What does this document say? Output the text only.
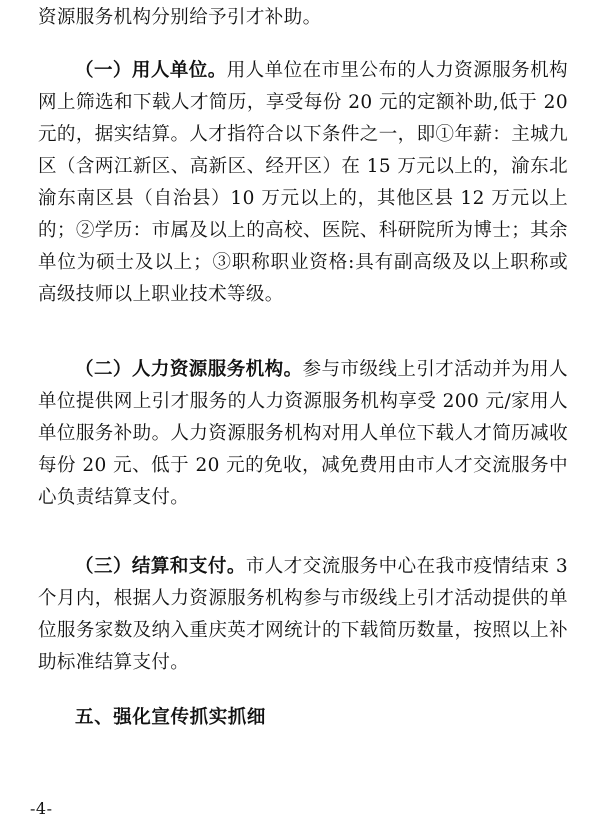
资源服务机构分别给予引才补助。
（一）用人单位。用人单位在市里公布的人力资源服务机构网上筛选和下载人才简历，享受每份 20 元的定额补助,低于 20 元的，据实结算。人才指符合以下条件之一，即①年薪：主城九区（含两江新区、高新区、经开区）在 15 万元以上的，渝东北渝东南区县（自治县）10 万元以上的，其他区县 12 万元以上的；②学历：市属及以上的高校、医院、科研院所为博士；其余单位为硕士及以上；③职称职业资格:具有副高级及以上职称或高级技师以上职业技术等级。
（二）人力资源服务机构。参与市级线上引才活动并为用人单位提供网上引才服务的人力资源服务机构享受 200 元/家用人单位服务补助。人力资源服务机构对用人单位下载人才简历减收每份 20 元、低于 20 元的免收，减免费用由市人才交流服务中心负责结算支付。
（三）结算和支付。市人才交流服务中心在我市疫情结束 3 个月内，根据人力资源服务机构参与市级线上引才活动提供的单位服务家数及纳入重庆英才网统计的下载简历数量，按照以上补助标准结算支付。
五、强化宣传抓实抓细
-4-
